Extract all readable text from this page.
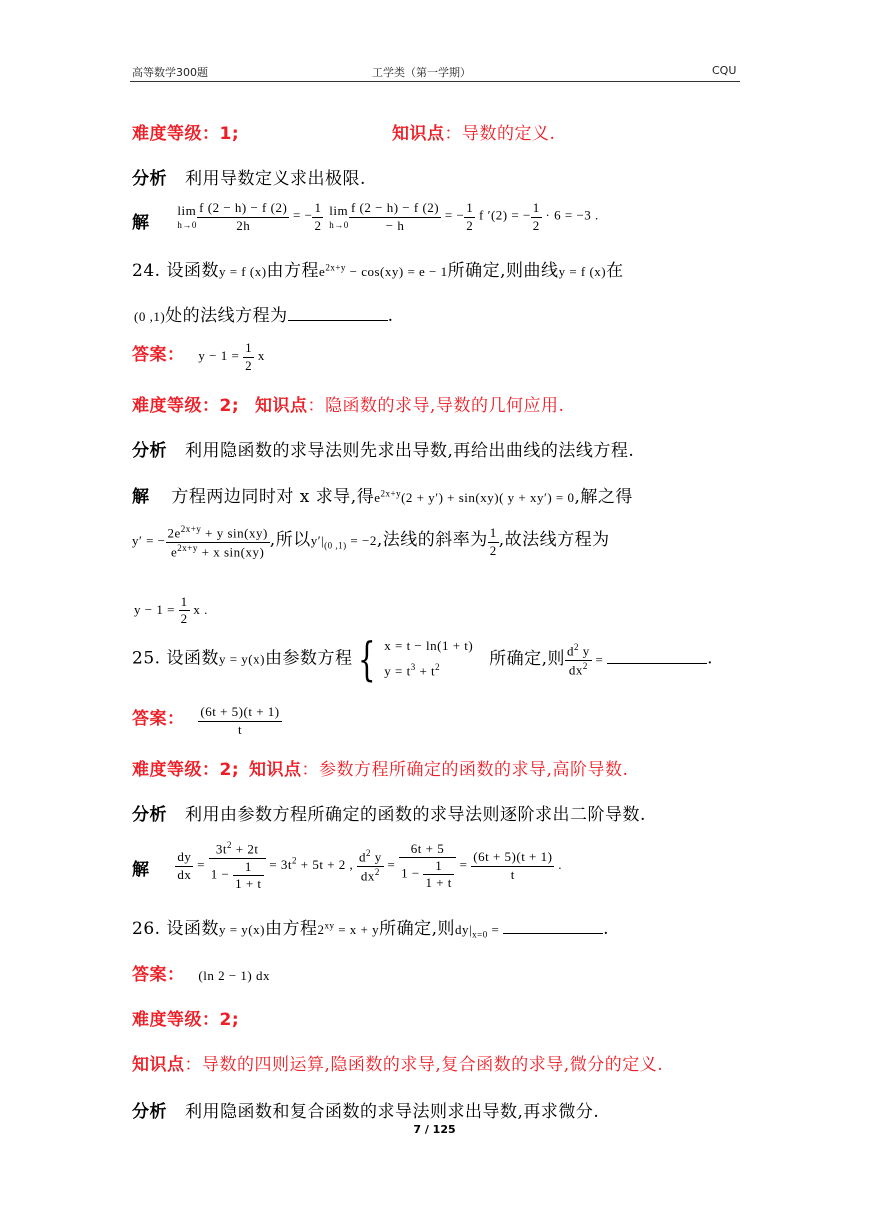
高等数学300题	工学类（第一学期）	CQU
难度等级：1;	知识点：导数的定义.
分析 利用导数定义求出极限.
解
lim
h→0
$\frac{f (2 - h) - f (2)}{2h}$ = − $\frac{1}{2}$
lim
h→0
$\frac{f (2 - h) - f (2)}{- h}$ = − $\frac{1}{2}$ f ′(2) = − $\frac{1}{2} \cdot 6 = -3$ .
24. 设函数y = f (x)由方程$e^{2x+y} - \cos(xy) = e - 1$所确定,则曲线y = f (x)在
(0 ,1)处的法线方程为	.
答案： $y - 1 = \frac{1}{2}$ x
难度等级：2; 知识点：隐函数的求导,导数的几何应用.
分析 利用隐函数的求导法则先求出导数,再给出曲线的法线方程.
解 方程两边同时对 x 求导,得$e^{2x+y}(2 + y') + \sin(xy)$( y + xy′) = 0,解之得
y′ = − $\frac{2e^{2x+y} + y \sin(xy)}{e^{2x+y} + x \sin(xy)}$ ,所以$y'|_{(0 ,1)} = -2$,法线的斜率为 $\frac{1}{2}$ ,故法线方程为
$y - 1 = \frac{1}{2}$ x .
25. 设函数y = y(x)由参数方程 { x = t − ln(1 + t)
$y = t^3 + t^2$	所确定,则 $\frac{d^2 y}{dx^2}$ =	.
答案： $\frac{(6t + 5)(t + 1)}{t}$
难度等级：2; 知识点：参数方程所确定的函数的求导,高阶导数.
分析 利用由参数方程所确定的函数的求导法则逐阶求出二阶导数.
解 $\frac{dy}{dx} = \frac{3t^2 + 2t}{1 - \frac{1}{1 + t}} = 3t^2 + 5t + 2$ , $\frac{d^2 y}{dx^2} = \frac{6t + 5}{1 - \frac{1}{1 + t}} = \frac{(6t + 5)(t + 1)}{t}$ .
26. 设函数y = y(x)由方程$2^{xy} = x + y$所确定,则$dy|_{x=0}$ =	.
答案： (ln 2 − 1) dx
难度等级：2;
知识点：导数的四则运算,隐函数的求导,复合函数的求导,微分的定义.
分析 利用隐函数和复合函数的求导法则求出导数,再求微分.
7 / 125
